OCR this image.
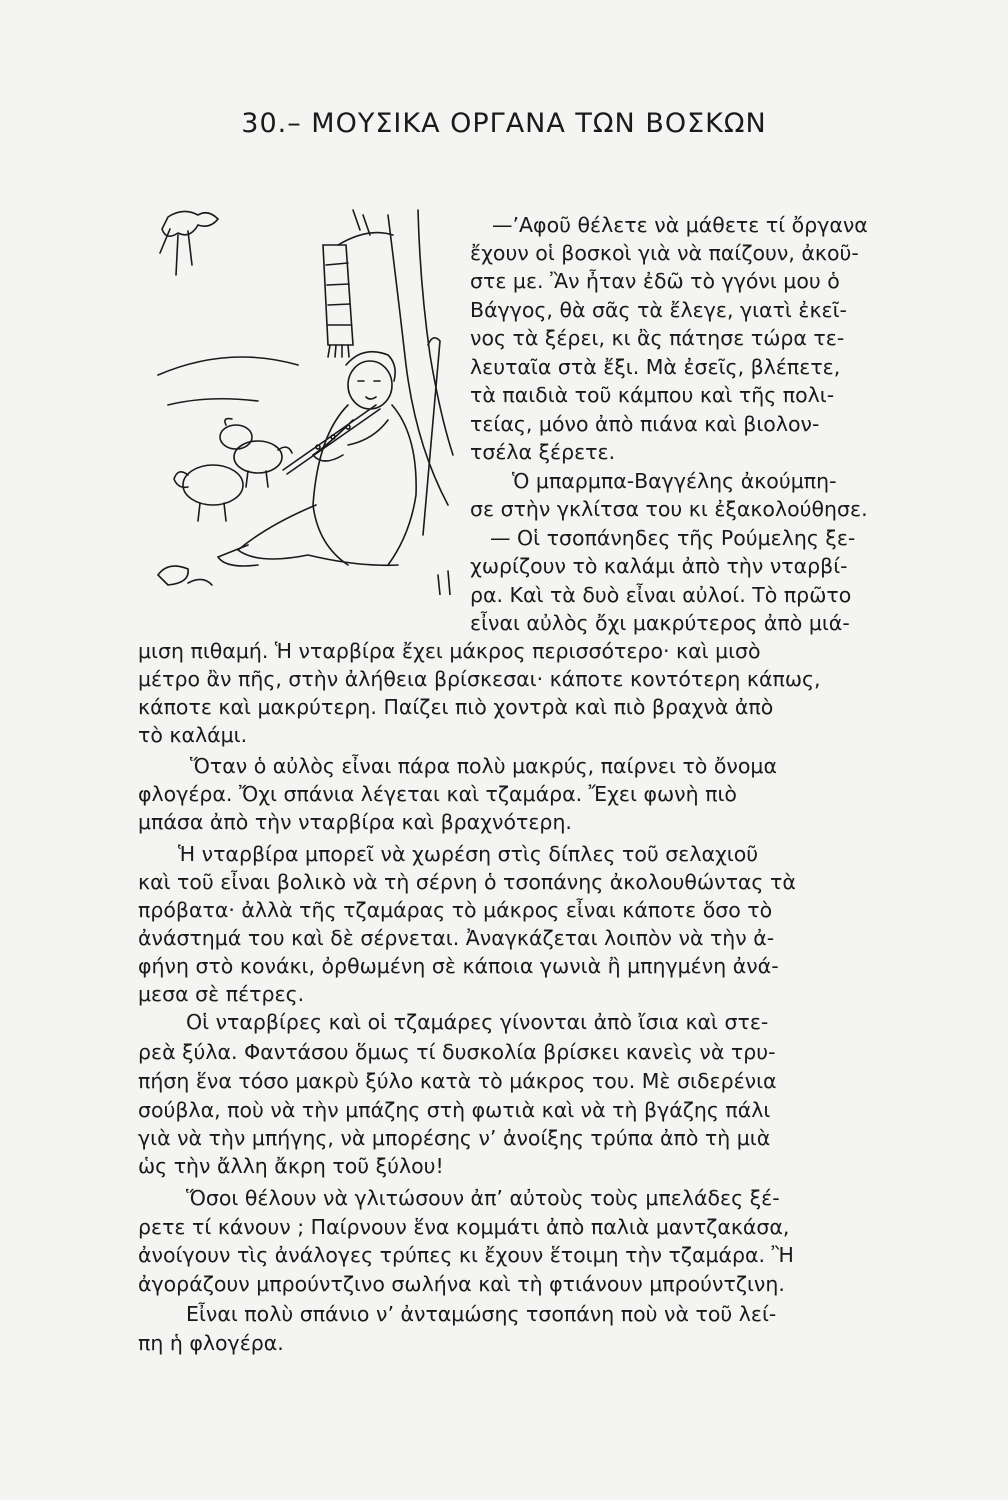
30.– ΜΟΥΣΙΚΑ ΟΡΓΑΝΑ ΤΩΝ ΒΟΣΚΩΝ
—’Αφοῦ θέλετε νὰ μάθετε τί ὄργανα
ἔχουν οἱ βοσκοὶ γιὰ νὰ παίζουν, ἀκοῦ-
στε με. Ἂν ἦταν ἐδῶ τὸ γγόνι μου ὁ
Βάγγος, θὰ σᾶς τὰ ἔλεγε, γιατὶ ἐκεῖ-
νος τὰ ξέρει, κι ἂς πάτησε τώρα τε-
λευταῖα στὰ ἔξι. Μὰ ἐσεῖς, βλέπετε,
τὰ παιδιὰ τοῦ κάμπου καὶ τῆς πολι-
τείας, μόνο ἀπὸ πιάνα καὶ βιολον-
τσέλα ξέρετε.
Ὁ μπαρμπα-Βαγγέλης ἀκούμπη-
σε στὴν γκλίτσα του κι ἐξακολούθησε.
— Οἱ τσοπάνηδες τῆς Ρούμελης ξε-
χωρίζουν τὸ καλάμι ἀπὸ τὴν νταρβί-
ρα. Καὶ τὰ δυὸ εἶναι αὐλοί. Τὸ πρῶτο
εἶναι αὐλὸς ὄχι μακρύτερος ἀπὸ μιά-
μιση πιθαμή. Ἡ νταρβίρα ἔχει μάκρος περισσότερο· καὶ μισὸ
μέτρο ἂν πῆς, στὴν ἀλήθεια βρίσκεσαι· κάποτε κοντότερη κάπως,
κάποτε καὶ μακρύτερη. Παίζει πιὸ χοντρὰ καὶ πιὸ βραχνὰ ἀπὸ
τὸ καλάμι.
Ὅταν ὁ αὐλὸς εἶναι πάρα πολὺ μακρύς, παίρνει τὸ ὄνομα
φλογέρα. Ὄχι σπάνια λέγεται καὶ τζαμάρα. Ἔχει φωνὴ πιὸ
μπάσα ἀπὸ τὴν νταρβίρα καὶ βραχνότερη.
Ἡ νταρβίρα μπορεῖ νὰ χωρέση στὶς δίπλες τοῦ σελαχιοῦ
καὶ τοῦ εἶναι βολικὸ νὰ τὴ σέρνη ὁ τσοπάνης ἀκολουθώντας τὰ
πρόβατα· ἀλλὰ τῆς τζαμάρας τὸ μάκρος εἶναι κάποτε ὅσο τὸ
ἀνάστημά του καὶ δὲ σέρνεται. Ἀναγκάζεται λοιπὸν νὰ τὴν ἀ-
φήνη στὸ κονάκι, ὀρθωμένη σὲ κάποια γωνιὰ ἢ μπηγμένη ἀνά-
μεσα σὲ πέτρες.
Οἱ νταρβίρες καὶ οἱ τζαμάρες γίνονται ἀπὸ ἴσια καὶ στε-
ρεὰ ξύλα. Φαντάσου ὅμως τί δυσκολία βρίσκει κανεὶς νὰ τρυ-
πήση ἕνα τόσο μακρὺ ξύλο κατὰ τὸ μάκρος του. Μὲ σιδερένια
σούβλα, ποὺ νὰ τὴν μπάζης στὴ φωτιὰ καὶ νὰ τὴ βγάζης πάλι
γιὰ νὰ τὴν μπήγης, νὰ μπορέσης ν’ ἀνοίξης τρύπα ἀπὸ τὴ μιὰ
ὡς τὴν ἄλλη ἄκρη τοῦ ξύλου!
Ὅσοι θέλουν νὰ γλιτώσουν ἀπ’ αὐτοὺς τοὺς μπελάδες ξέ-
ρετε τί κάνουν ; Παίρνουν ἕνα κομμάτι ἀπὸ παλιὰ μαντζακάσα,
ἀνοίγουν τὶς ἀνάλογες τρύπες κι ἔχουν ἕτοιμη τὴν τζαμάρα. Ἢ
ἀγοράζουν μπρούντζινο σωλήνα καὶ τὴ φτιάνουν μπρούντζινη.
Εἶναι πολὺ σπάνιο ν’ ἀνταμώσης τσοπάνη ποὺ νὰ τοῦ λεί-
πη ἡ φλογέρα.
